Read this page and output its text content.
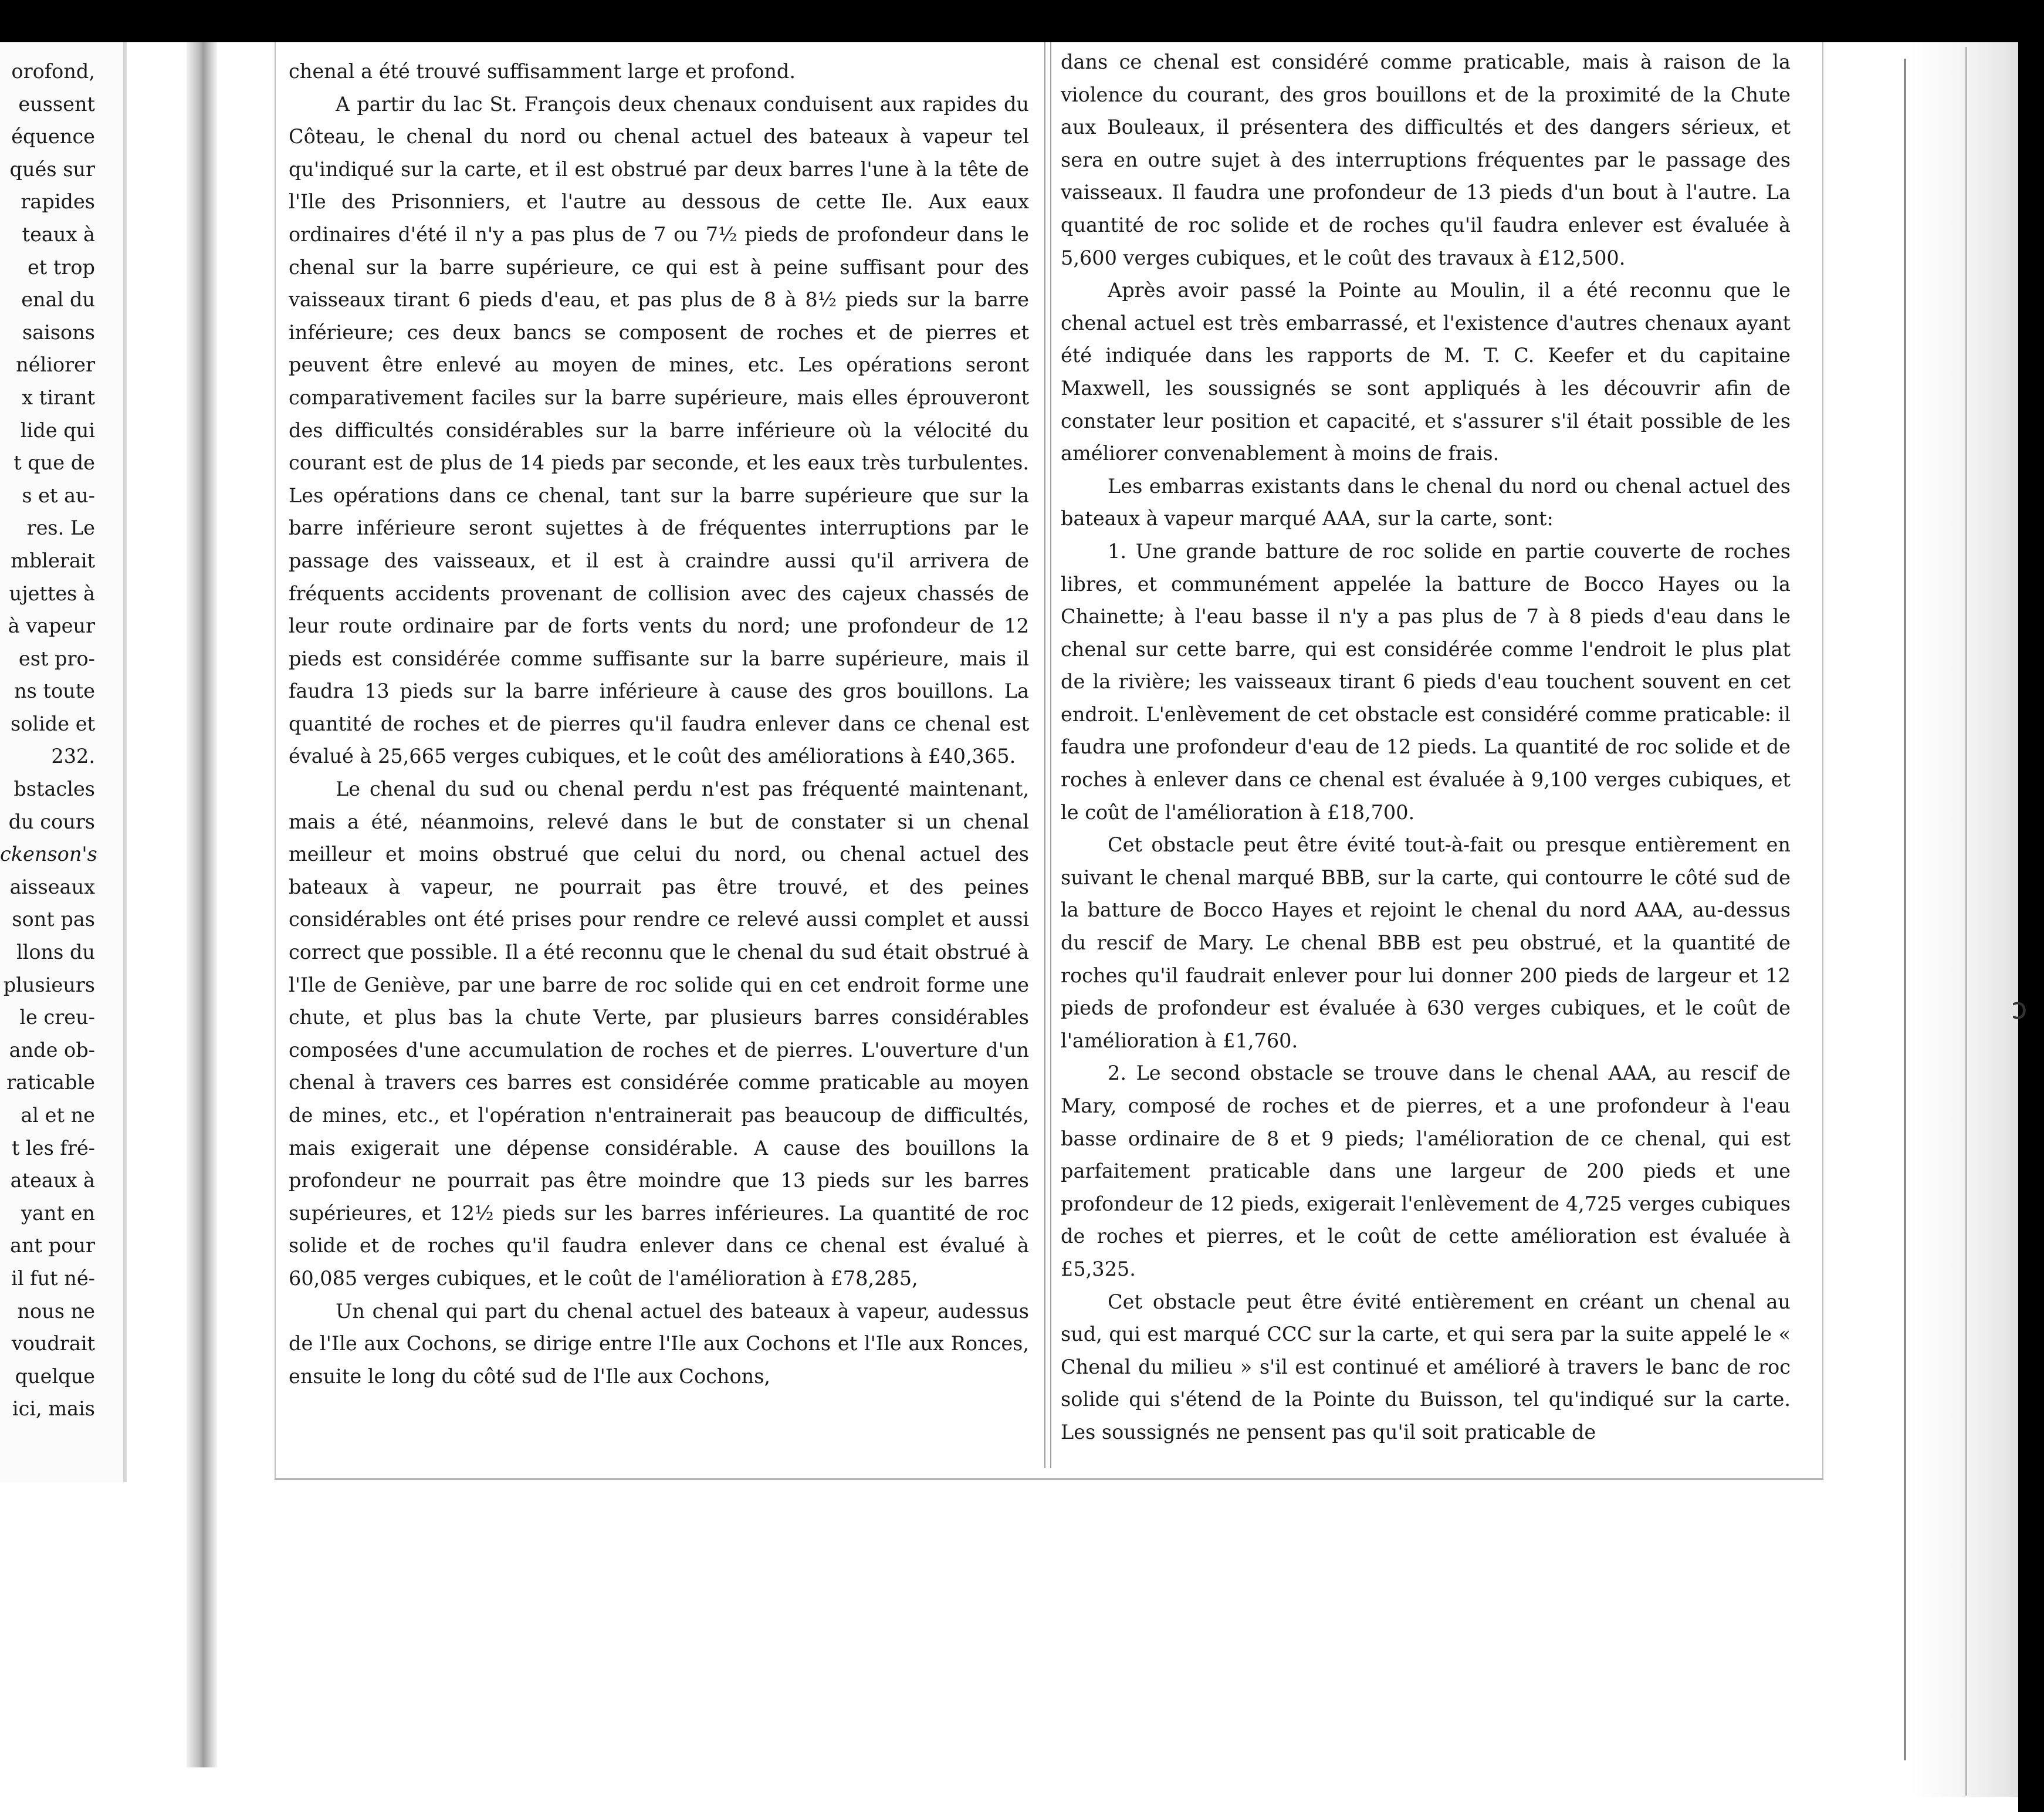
orofond,
eussent
équence
qués sur
rapides
teaux à
et trop
enal du
saisons
néliorer
x tirant
lide qui
t que de
s et au-
res. Le
mblerait
ujettes à
à vapeur
est pro-
ns toute
solide et
232.
bstacles
du cours
ckenson's
aisseaux
sont pas
llons du
plusieurs
le creu-
ande ob-
raticable
al et ne
t les fré-
ateaux à
yant en
ant pour
il fut né-
nous ne
voudrait
quelque
ici, mais

chenal a été trouvé suffisamment large et profond.

A partir du lac St. François deux chenaux conduisent aux rapides du Côteau, le chenal du nord ou chenal actuel des bateaux à vapeur tel qu'indiqué sur la carte, et il est obstrué par deux barres l'une à la tête de l'Ile des Prisonniers, et l'autre au dessous de cette Ile. Aux eaux ordinaires d'été il n'y a pas plus de 7 ou 7½ pieds de profondeur dans le chenal sur la barre supérieure, ce qui est à peine suffisant pour des vaisseaux tirant 6 pieds d'eau, et pas plus de 8 à 8½ pieds sur la barre inférieure; ces deux bancs se composent de roches et de pierres et peuvent être enlevé au moyen de mines, etc. Les opérations seront comparativement faciles sur la barre supérieure, mais elles éprouveront des difficultés considérables sur la barre inférieure où la vélocité du courant est de plus de 14 pieds par seconde, et les eaux très turbulentes. Les opérations dans ce chenal, tant sur la barre supérieure que sur la barre inférieure seront sujettes à de fréquentes interruptions par le passage des vaisseaux, et il est à craindre aussi qu'il arrivera de fréquents accidents provenant de collision avec des cajeux chassés de leur route ordinaire par de forts vents du nord; une profondeur de 12 pieds est considérée comme suffisante sur la barre supérieure, mais il faudra 13 pieds sur la barre inférieure à cause des gros bouillons. La quantité de roches et de pierres qu'il faudra enlever dans ce chenal est évalué à 25,665 verges cubiques, et le coût des améliorations à £40,365.

Le chenal du sud ou chenal perdu n'est pas fréquenté maintenant, mais a été, néanmoins, relevé dans le but de constater si un chenal meilleur et moins obstrué que celui du nord, ou chenal actuel des bateaux à vapeur, ne pourrait pas être trouvé, et des peines considérables ont été prises pour rendre ce relevé aussi complet et aussi correct que possible. Il a été reconnu que le chenal du sud était obstrué à l'Ile de Geniève, par une barre de roc solide qui en cet endroit forme une chute, et plus bas la chute Verte, par plusieurs barres considérables composées d'une accumulation de roches et de pierres. L'ouverture d'un chenal à travers ces barres est considérée comme praticable au moyen de mines, etc., et l'opération n'entrainerait pas beaucoup de difficultés, mais exigerait une dépense considérable. A cause des bouillons la profondeur ne pourrait pas être moindre que 13 pieds sur les barres supérieures, et 12½ pieds sur les barres inférieures. La quantité de roc solide et de roches qu'il faudra enlever dans ce chenal est évalué à 60,085 verges cubiques, et le coût de l'amélioration à £78,285,

Un chenal qui part du chenal actuel des bateaux à vapeur, audessus de l'Ile aux Cochons, se dirige entre l'Ile aux Cochons et l'Ile aux Ronces, ensuite le long du côté sud de l'Ile aux Cochons,

dans ce chenal est considéré comme praticable, mais à raison de la violence du courant, des gros bouillons et de la proximité de la Chute aux Bouleaux, il présentera des difficultés et des dangers sérieux, et sera en outre sujet à des interruptions fréquentes par le passage des vaisseaux. Il faudra une profondeur de 13 pieds d'un bout à l'autre. La quantité de roc solide et de roches qu'il faudra enlever est évaluée à 5,600 verges cubiques, et le coût des travaux à £12,500.

Après avoir passé la Pointe au Moulin, il a été reconnu que le chenal actuel est très embarrassé, et l'existence d'autres chenaux ayant été indiquée dans les rapports de M. T. C. Keefer et du capitaine Maxwell, les soussignés se sont appliqués à les découvrir afin de constater leur position et capacité, et s'assurer s'il était possible de les améliorer convenablement à moins de frais.

Les embarras existants dans le chenal du nord ou chenal actuel des bateaux à vapeur marqué AAA, sur la carte, sont:

1. Une grande batture de roc solide en partie couverte de roches libres, et communément appelée la batture de Bocco Hayes ou la Chainette; à l'eau basse il n'y a pas plus de 7 à 8 pieds d'eau dans le chenal sur cette barre, qui est considérée comme l'endroit le plus plat de la rivière; les vaisseaux tirant 6 pieds d'eau touchent souvent en cet endroit. L'enlèvement de cet obstacle est considéré comme praticable: il faudra une profondeur d'eau de 12 pieds. La quantité de roc solide et de roches à enlever dans ce chenal est évaluée à 9,100 verges cubiques, et le coût de l'amélioration à £18,700.

Cet obstacle peut être évité tout-à-fait ou presque entièrement en suivant le chenal marqué BBB, sur la carte, qui contourre le côté sud de la batture de Bocco Hayes et rejoint le chenal du nord AAA, au-dessus du rescif de Mary. Le chenal BBB est peu obstrué, et la quantité de roches qu'il faudrait enlever pour lui donner 200 pieds de largeur et 12 pieds de profondeur est évaluée à 630 verges cubiques, et le coût de l'amélioration à £1,760.

2. Le second obstacle se trouve dans le chenal AAA, au rescif de Mary, composé de roches et de pierres, et a une profondeur à l'eau basse ordinaire de 8 et 9 pieds; l'amélioration de ce chenal, qui est parfaitement praticable dans une largeur de 200 pieds et une profondeur de 12 pieds, exigerait l'enlèvement de 4,725 verges cubiques de roches et pierres, et le coût de cette amélioration est évaluée à £5,325.

Cet obstacle peut être évité entièrement en créant un chenal au sud, qui est marqué CCC sur la carte, et qui sera par la suite appelé le « Chenal du milieu » s'il est continué et amélioré à travers le banc de roc solide qui s'étend de la Pointe du Buisson, tel qu'indiqué sur la carte. Les soussignés ne pensent pas qu'il soit praticable de

ↄ
